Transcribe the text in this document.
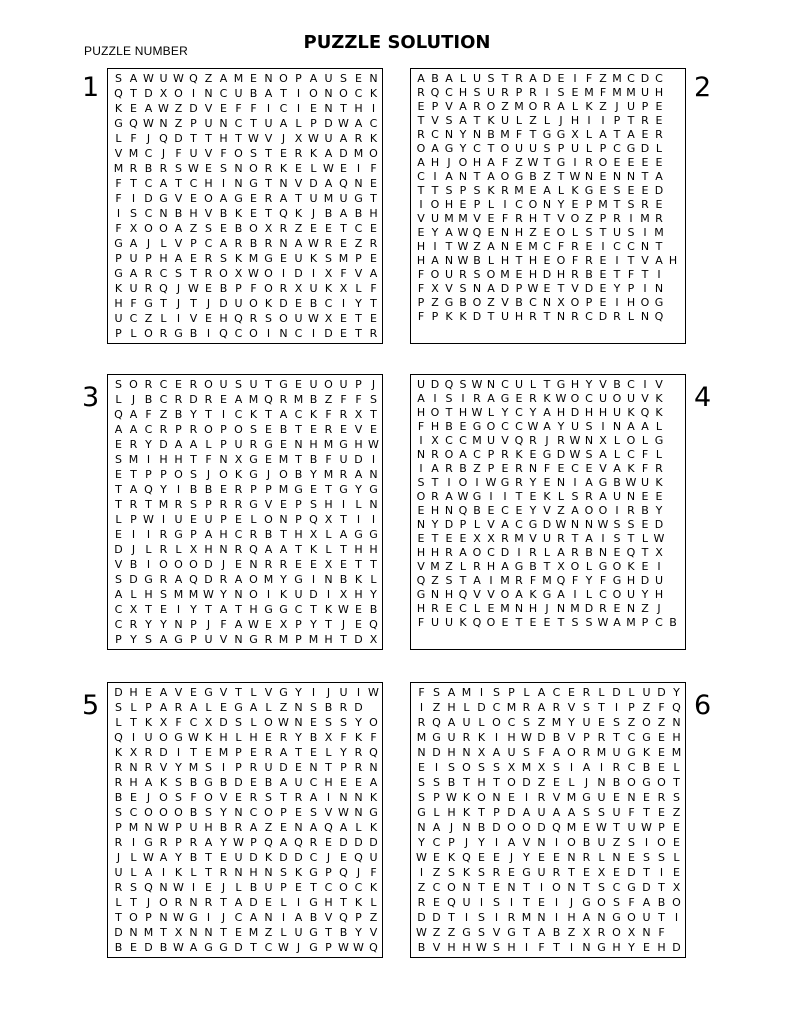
PUZZLE NUMBER	PUZZLE SOLUTION
1	2
3	4
5	6
S A W U W Q Z A M E N O P A U S E N
Q T D X O I N C U B A T I O N O C K
K E A W Z D V E F F I C I E N T H I
G Q W N Z P U N C T U A L P D W A C
L F J Q D T T H T W V J X W U A R K
V M C J F U V F O S T E R K A D M O
M R B R S W E S N O R K E L W E I F
F T C A T C H I N G T N V D A Q N E
F I D G V E O A G E R A T U M U G T
I S C N B H V B K E T Q K J B A B H
F X O O A Z S E B O X R Z E E T C E
G A J L V P C A R B R N A W R E Z R
P U P H A E R S K M G E U K S M P E
G A R C S T R O X W O I D I X F V A
K U R Q J W E B P F O R X U K X L F
H F G T J T J D U O K D E B C I Y T
U C Z L I V E H Q R S O U W X E T E
P L O R G B I Q C O I N C I D E T R
A B A L U S T R A D E I F Z M C D C
R Q C H S U R P R I S E M F M M U H
E P V A R O Z M O R A L K Z J U P E
T V S A T K U L Z L J H I I P T R E
R C N Y N B M F T G G X L A T A E R
O A G Y C T O U U S P U L P C G D L
A H J O H A F Z W T G I R O E E E E
C I A N T A O G B Z T W N E N N T A
T T S P S K R M E A L K G E S E E D
I O H E P L I C O N Y E P M T S R E
V U M M V E F R H T V O Z P R I M R
E Y A W Q E N H Z E O L S T U S I M
H I T W Z A N E M C F R E I C C N T
H A N W B L H T H E O F R E I T V A H
F O U R S O M E H D H R B E T F T I
F X V S N A D P W E T V D E Y P I N
P Z G B O Z V B C N X O P E I H O G
F P K K D T U H R T N R C D R L N Q
S O R C E R O U S U T G E U O U P J
L J B C R D R E A M Q R M B Z F F S
Q A F Z B Y T I C K T A C K F R X T
A A C R P R O P O S E B T E R E V E
E R Y D A A L P U R G E N H M G H W
S M I H H T F N X G E M T B F U D I
E T P P O S J O K G J O B Y M R A N
T A Q Y I B B E R P P M G E T G Y G
T R T M R S P R R G V E P S H I L N
L P W I U E U P E L O N P Q X T I	I
E I	I R G P A H C R B T H X L A G G
D J L R L X H N R Q A A T K L T H H
V B I O O O D J E N R R E E X E T T
S D G R A Q D R A O M Y G I N B K L
A L H S M M W Y N O I K U D I X H Y
C X T E I Y T A T H G G C T K W E B
C R Y Y N P J F A W E X P Y T J E Q
P Y S A G P U V N G R M P M H T D X
U D Q S W N C U L T G H Y V B C I V
A I S I R A G E R K W O C U O U V K
H O T H W L Y C Y A H D H H U K Q K
F H B E G O C C W A Y U S I N A A L
I X C C M U V Q R J R W N X L O L G
N R O A C P R K E G D W S A L C F L
I A R B Z P E R N F E C E V A K F R
S T I O I W G R Y E N I A G B W U K
O R A W G I I T E K L S R A U N E E
E H N Q B E C E Y V Z A O O I R B Y
N Y D P L V A C G D W N N W S S E D
E T E E X X R M V U R T A I S T L W
H H R A O C D I R L A R B N E Q T X
V M Z L R H A G B T X O L G O K E I
Q Z S T A I M R F M Q F Y F G H D U
G N H Q V V O A K G A I L C O U Y H
H R E C L E M N H J N M D R E N Z J
F U U K Q O E T E E T S S W A M P C B
D H E A V E G V T L V G Y I	J U I W
S L P A R A L E G A L Z N S B R D
L T K X F C X D S L O W N E S S Y O
Q I U O G W K H L H E R Y B X F K F
K X R D I T E M P E R A T E L Y R Q
R N R V Y M S I P R U D E N T P R N
R H A K S B G B D E B A U C H E E A
B E J O S F O V E R S T R A I N N K
S C O O O B S Y N C O P E S V W N G
P M N W P U H B R A Z E N A Q A L K
R I G R P R A Y W P Q A Q R E D D D
J L W A Y B T E U D K D D C J E Q U
U L A I K L T R N H N S K G P Q J F
R S Q N W I E J L B U P E T C O C K
L T J O R N R T A D E L I G H T K L
T O P N W G I	J C A N I A B V Q P Z
D N M T X N N T E M Z L U G T B Y V
B E D B W A G G D T C W J G P W W Q
F S A M I S P L A C E R L D L U D Y
I Z H L D C M R A R V S T I P Z F Q
R Q A U L O C S Z M Y U E S Z O Z N
M G U R K I H W D B V P R T C G E H
N D H N X A U S F A O R M U G K E M
E I S O S S X M X S I A I R C B E L
S S B T H T O D Z E L J N B O G O T
S P W K O N E I R V M G U E N E R S
G L H K T P D A U A A S S U F T E Z
N A J N B D O O D Q M E W T U W P E
Y C P J Y I A V N I O B U Z S I O E
W E K Q E E J Y E E N R L N E S S L
I Z S K S R E G U R T E X E D T I E
Z C O N T E N T I O N T S C G D T X
R E Q U I S I T E I	J G O S F A B O
D D T I S I R M N I H A N G O U T I
W Z Z G S V G T A B Z X R O X N F
B V H H W S H I F T I N G H Y E H D
